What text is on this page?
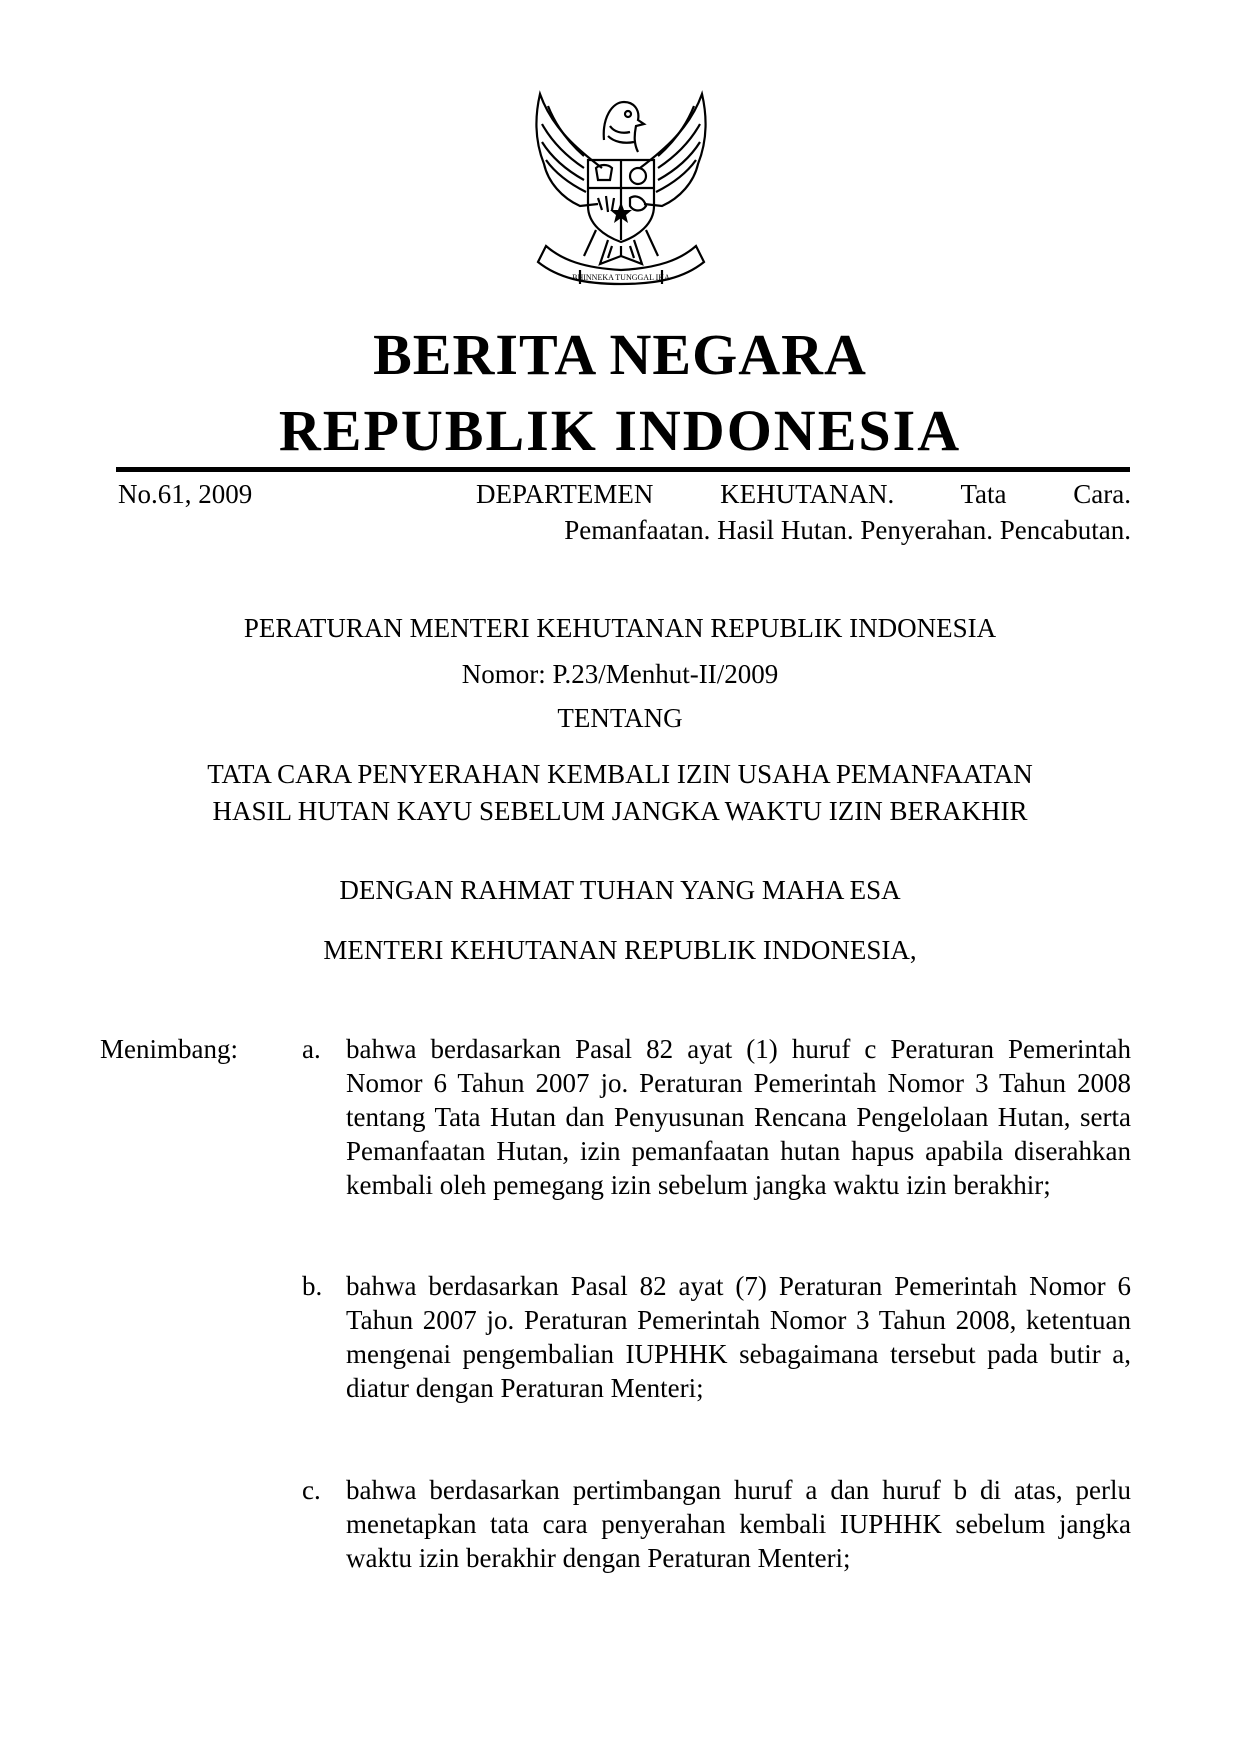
BHINNEKA TUNGGAL IKA
BERITA NEGARA
REPUBLIK INDONESIA
No.61, 2009	DEPARTEMEN KEHUTANAN. Tata Cara.
Pemanfaatan. Hasil Hutan. Penyerahan. Pencabutan.
PERATURAN MENTERI KEHUTANAN REPUBLIK INDONESIA
Nomor: P.23/Menhut-II/2009
TENTANG
TATA CARA PENYERAHAN KEMBALI IZIN USAHA PEMANFAATAN
HASIL HUTAN KAYU SEBELUM JANGKA WAKTU IZIN BERAKHIR
DENGAN RAHMAT TUHAN YANG MAHA ESA
MENTERI KEHUTANAN REPUBLIK INDONESIA,
Menimbang: a. bahwa berdasarkan Pasal 82 ayat (1) huruf c Peraturan Pemerintah Nomor 6 Tahun 2007 jo. Peraturan Pemerintah Nomor 3 Tahun 2008 tentang Tata Hutan dan Penyusunan Rencana Pengelolaan Hutan, serta Pemanfaatan Hutan, izin pemanfaatan hutan hapus apabila diserahkan kembali oleh pemegang izin sebelum jangka waktu izin berakhir;
b. bahwa berdasarkan Pasal 82 ayat (7) Peraturan Pemerintah Nomor 6 Tahun 2007 jo. Peraturan Pemerintah Nomor 3 Tahun 2008, ketentuan mengenai pengembalian IUPHHK sebagaimana tersebut pada butir a, diatur dengan Peraturan Menteri;
c. bahwa berdasarkan pertimbangan huruf a dan huruf b di atas, perlu menetapkan tata cara penyerahan kembali IUPHHK sebelum jangka waktu izin berakhir dengan Peraturan Menteri;
